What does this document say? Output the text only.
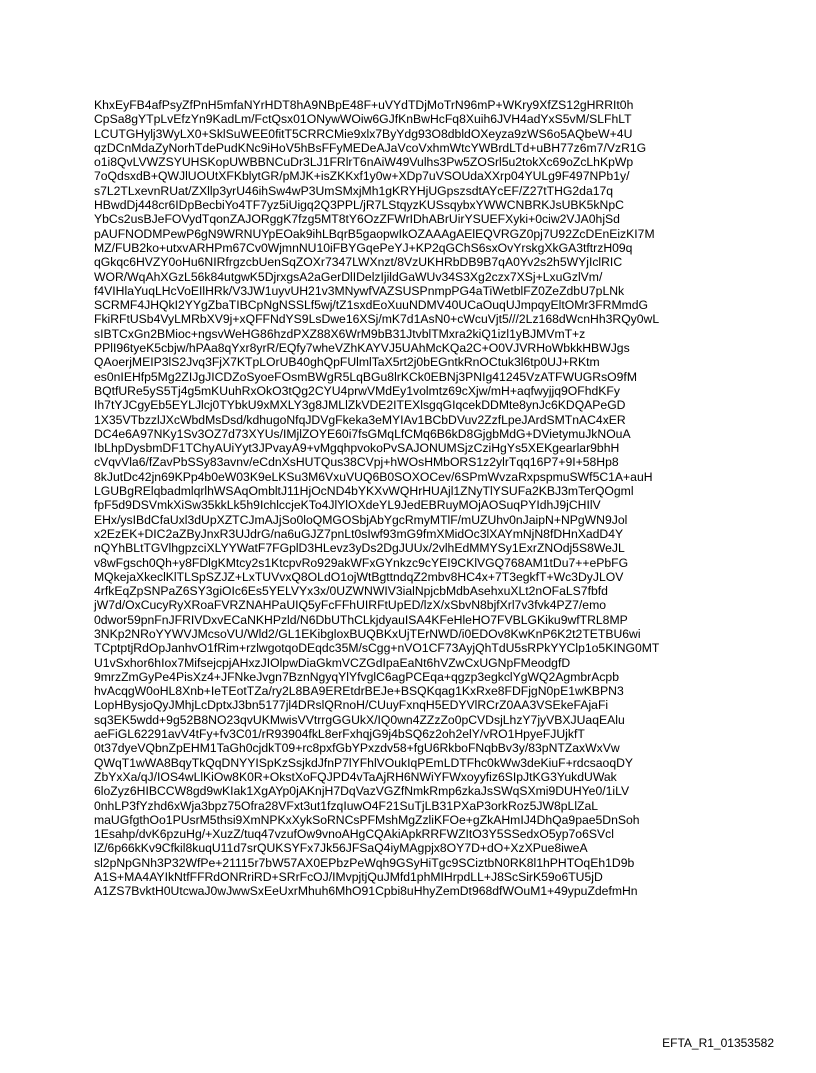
KhxEyFB4afPsyZfPnH5mfaNYrHDT8hA9NBpE48F+uVYdTDjMoTrN96mP+WKry9XfZS12gHRRIt0h
CpSa8gYTpLvEfzYn9KadLm/FctQsx01ONywWOiw6GJfKnBwHcFq8Xuih6JVH4adYxS5vM/SLFhLT
LCUTGHylj3WyLX0+SklSuWEE0fitT5CRRCMie9xlx7ByYdg93O8dbldOXeyza9zWS6o5AQbeW+4U
qzDCnMdaZyNorhTdePudKNc9iHoV5hBsFFyMEDeAJaVcoVxhmWtcYWBrdLTd+uBH77z6m7/VzR1G
o1i8QvLVWZSYUHSKopUWBBNCuDr3LJ1FRlrT6nAiW49Vulhs3Pw5ZOSrl5u2tokXc69oZcLhKpWp
7oQdsxdB+QWJlUOUtXFKblytGR/pMJK+isZKKxf1y0w+XDp7uVSOUdaXXrp04YULg9F497NPb1y/
s7L2TLxevnRUat/ZXllp3yrU46ihSw4wP3UmSMxjMh1gKRYHjUGpszsdtAYcEF/Z27tTHG2da17q
HBwdDj448cr6IDpBecbiYo4TF7yz5iUigq2Q3PPL/jR7LStqyzKUSsqybxYWWCNBRKJsUBK5kNpC
YbCs2usBJeFOVydTqonZAJORggK7fzg5MT8tY6OzZFWrIDhABrUirYSUEFXyki+0ciw2VJA0hjSd
pAUFNODMPewP6gN9WRNUYpEOak9ihLBqrB5gaopwIkOZAAAgAElEQVRGZ0pj7U92ZcDEnEizKI7M
MZ/FUB2ko+utxvARHPm67Cv0WjmnNU10iFBYGqePeYJ+KP2qGChS6sxOvYrskgXkGA3tftrzH09q
qGkqc6HVZY0oHu6NIRfrgzcbUenSqZOXr7347LWXnzt/8VzUKHRbDB9B7qA0Yv2s2h5WYjIclRIC
WOR/WqAhXGzL56k84utgwK5DjrxgsA2aGerDlIDelzIjildGaWUv34S3Xg2czx7XSj+LxuGzlVm/
f4VIHlaYuqLHcVoEIlHRk/V3JW1uyvUH21v3MNywfVAZSUSPnmpPG4aTiWetblFZ0ZeZdbU7pLNk
SCRMF4JHQkI2YYgZbaTIBCpNgNSSLf5wj/tZ1sxdEoXuuNDMV40UCaOuqUJmpqyEltOMr3FRMmdG
FkiRFtUSb4VyLMRbXV9j+xQFFNdYS9LsDwe16XSj/mK7d1AsN0+cWcuVjt5///2Lz168dWcnHh3RQy0wL
sIBTCxGn2BMioc+ngsvWeHG86hzdPXZ88X6WrM9bB31JtvblTMxra2kiQ1izl1yBJMVmT+z
PPlI96tyeK5cbjw/hPAa8qYxr8yrR/EQfy7wheVZhKAYVJ5UAhMcKQa2C+O0VJVRHoWbkkHBWJgs
QAoerjMEIP3lS2Jvq3FjX7KTpLOrUB40ghQpFUlmlTaX5rt2j0bEGntkRnOCtuk3l6tp0UJ+RKtm
es0nIEHfp5Mg2ZIJgJICDZoSyoeFOsmBWgR5LqBGu8lrKCk0EBNj3PNIg41245VzATFWUGRsO9fM
BQtfURe5yS5Tj4g5mKUuhRxOkO3tQg2CYU4prwVMdEy1volmtz69cXjw/mH+aqfwyjjq9OFhdKFy
Ih7tYJCgyEb5EYLJlcj0TYbkU9xMXLY3g8JMLlZkVDE2ITEXlsgqGIqcekDDMte8ynJc6KDQAPeGD
1X35VTbzzlJXcWbdMsDsd/kdhugoNfqJDVgFkeka3eMYIAv1BCbDVuv2ZzfLpeJArdSMTnAC4xER
DC4e6A97NKy1Sv3OZ7d73XYUs/IMjlZOYE60i7fsGMqLfCMq6B6kD8GjgbMdG+DVietymuJkNOuA
IbLhpDysbmDF1TChyAUiYyt3JPvayA9+vMgqhpvokoPvSAJONUMSjzCziHgYs5XEKgearlar9bhH
cVqvVla6/fZavPbSSy83avnv/eCdnXsHUTQus38CVpj+hWOsHMbORS1z2ylrTqq16P7+9I+58Hp8
8kJutDc42jn69KPp4b0eW03K9eLKSu3M6VxuVUQ6B0SOXOCev/6SPmWvzaRxpspmuSWf5C1A+auH
LGUBgRElqbadmlqrlhWSAqOmbltJ11HjOcND4bYKXvWQHrHUAjl1ZNyTlYSUFa2KBJ3mTerQOgml
fpF5d9DSVmkXiSw35kkLk5h9IchlccjeKTo4JlYlOXdeYL9JedEBRuyMOjAOSuqPYIdhJ9jCHIlV
EHx/ysIBdCfaUxl3dUpXZTCJmAJjSo0loQMGOSbjAbYgcRmyMTlF/mUZUhv0nJaipN+NPgWN9Jol
x2EzEK+DIC2aZByJnxR3UJdrG/na6uGJZ7pnLt0sIwf93mG9fmXMidOc3lXAYmNjN8fDHnXadD4Y
nQYhBLtTGVlhgpzciXLYYWatF7FGplD3HLevz3yDs2DgJUUx/2vlhEdMMYSy1ExrZNOdj5S8WeJL
v8wFgsch0Qh+y8FDlgKMtcy2s1KtcpvRo929akWFxGYnkzc9cYEI9CKlVGQ768AM1tDu7++ePbFG
MQkejaXkeclKlTLSpSZJZ+LxTUVvxQ8OLdO1ojWtBgttndqZ2mbv8HC4x+7T3egkfT+Wc3DyJLOV
4rfkEqZpSNPaZ6SY3giOIc6Es5YELVYx3x/0UZWNWIV3ialNpjcbMdbAsehxuXLt2nOFaLS7fbfd
jW7d/OxCucyRyXRoaFVRZNAHPaUIQ5yFcFFhUIRFtUpED/lzX/xSbvN8bjfXrl7v3fvk4PZ7/emo
0dwor59pnFnJFRIVDxvECaNKHPzld/N6DbUThCLkjdyauISA4KFeHleHO7FVBLGKiku9wfTRL8MP
3NKp2NRoYYWVJMcsoVU/Wld2/GL1EKibgloxBUQBKxUjTErNWD/i0EDOv8KwKnP6K2t2TETBU6wi
TCptptjRdOpJanhvO1fRim+rzlwgotqoDEqdc35M/sCgg+nVO1CF73AyjQhTdU5sRPkYYClp1o5KING0MT
U1vSxhor6hIox7MifsejcpjAHxzJIOlpwDiaGkmVCZGdIpaEaNt6hVZwCxUGNpFMeodgfD
9mrzZmGyPe4PisXz4+JFNkeJvgn7BznNgyqYlYfvglC6agPCEqa+qgzp3egkclYgWQ2AgmbrAcpb
hvAcqgW0oHL8Xnb+IeTEotTZa/ry2L8BA9EREtdrBEJe+BSQKqag1KxRxe8FDFjgN0pE1wKBPN3
LopHBysjoQyJMhjLcDptxJ3bn5177jl4DRslQRnoH/CUuyFxnqH5EDYVlRCrZ0AA3VSEkeFAjaFi
sq3EK5wdd+9g52B8NO23qvUKMwisVVtrrgGGUkX/IQ0wn4ZZzZo0pCVDsjLhzY7jyVBXJUaqEAlu
aeFiGL62291avV4tFy+fv3C01/rR93904fkL8erFxhqjG9j4bSQ6z2oh2elY/vRO1HpyeFJUjkfT
0t37dyeVQbnZpEHM1TaGh0cjdkT09+rc8pxfGbYPxzdv58+fgU6RkboFNqbBv3y/83pNTZaxWxVw
QWqT1wWA8BqyTkQqDNYYISpKzSsjkdJfnP7lYFhlVOukIqPEmLDTFhc0kWw3deKiuF+rdcsaoqDY
ZbYxXa/qJ/IOS4wLlKiOw8K0R+OkstXoFQJPD4vTaAjRH6NWiYFWxoyyfiz6SIpJtKG3YukdUWak
6loZyz6HIBCCW8gd9wKIak1XgAYp0jAKnjH7DqVazVGZfNmkRmp6zkaJsSWqSXmi9DUHYe0/1iLV
0nhLP3fYzhd6xWja3bpz75Ofra28VFxt3ut1fzqIuwO4F21SuTjLB31PXaP3orkRoz5JW8pLlZaL
maUGfgthOo1PUsrM5thsi9XmNPKxXykSoRNCsPFMshMgZzliKFOe+gZkAHmIJ4DhQa9pae5DnSoh
1Esahp/dvK6pzuHg/+XuzZ/tuq47vzufOw9vnoAHgCQAkiApkRRFWZItO3Y5SSedxO5yp7o6SVcl
lZ/6p66kKv9Cfkil8kuqU11d7srQUKSYFx7Jk56JFSaQ4iyMAgpjx8OY7D+dO+XzXPue8iweA
sl2pNpGNh3P32WfPe+21115r7bW57AX0EPbzPeWqh9GSyHiTgc9SCiztbN0RK8l1hPHTOqEh1D9b
A1S+MA4AYIkNtfFFRdONRriRD+SRrFcOJ/IMvpjtjQuJMfd1phMIHrpdLL+J8ScSirK59o6TU5jD
A1ZS7BvktH0UtcwaJ0wJwwSxEeUxrMhuh6MhO91Cpbi8uHhyZemDt968dfWOuM1+49ypuZdefmHn
EFTA_R1_01353582
